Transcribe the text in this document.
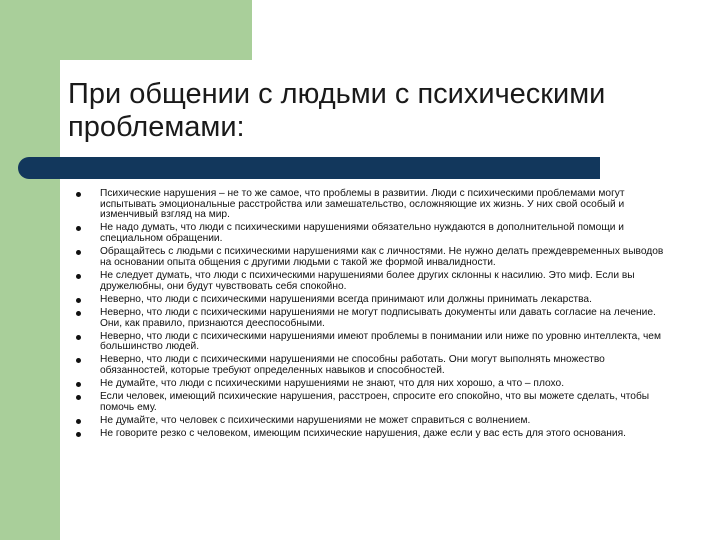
При общении с людьми с психическими проблемами:
Психические нарушения – не то же самое, что проблемы в развитии. Люди с психическими проблемами могут испытывать эмоциональные расстройства или замешательство, осложняющие их жизнь. У них свой особый и изменчивый взгляд на мир.
Не надо думать, что люди с психическими нарушениями обязательно нуждаются в дополнительной помощи и специальном обращении.
Обращайтесь с людьми с психическими нарушениями как с личностями. Не нужно делать преждевременных выводов на основании опыта общения с другими людьми с такой же формой инвалидности.
Не следует думать, что люди с психическими нарушениями более других склонны к насилию. Это миф. Если вы дружелюбны, они будут чувствовать себя спокойно.
Неверно, что люди с психическими нарушениями всегда принимают или должны принимать лекарства.
Неверно, что люди с психическими нарушениями не могут подписывать документы или давать согласие на лечение. Они, как правило, признаются дееспособными.
Неверно, что люди с психическими нарушениями имеют проблемы в понимании или ниже по уровню интеллекта, чем большинство людей.
Неверно, что люди с психическими нарушениями не способны работать. Они могут выполнять множество обязанностей, которые требуют определенных навыков и способностей.
Не думайте, что люди с психическими нарушениями не знают, что для них хорошо, а что – плохо.
Если человек, имеющий психические нарушения, расстроен, спросите его спокойно, что вы можете сделать, чтобы помочь ему.
Не думайте, что человек с психическими нарушениями не может справиться с волнением.
Не говорите резко с человеком, имеющим психические нарушения, даже если у вас есть для этого основания.
